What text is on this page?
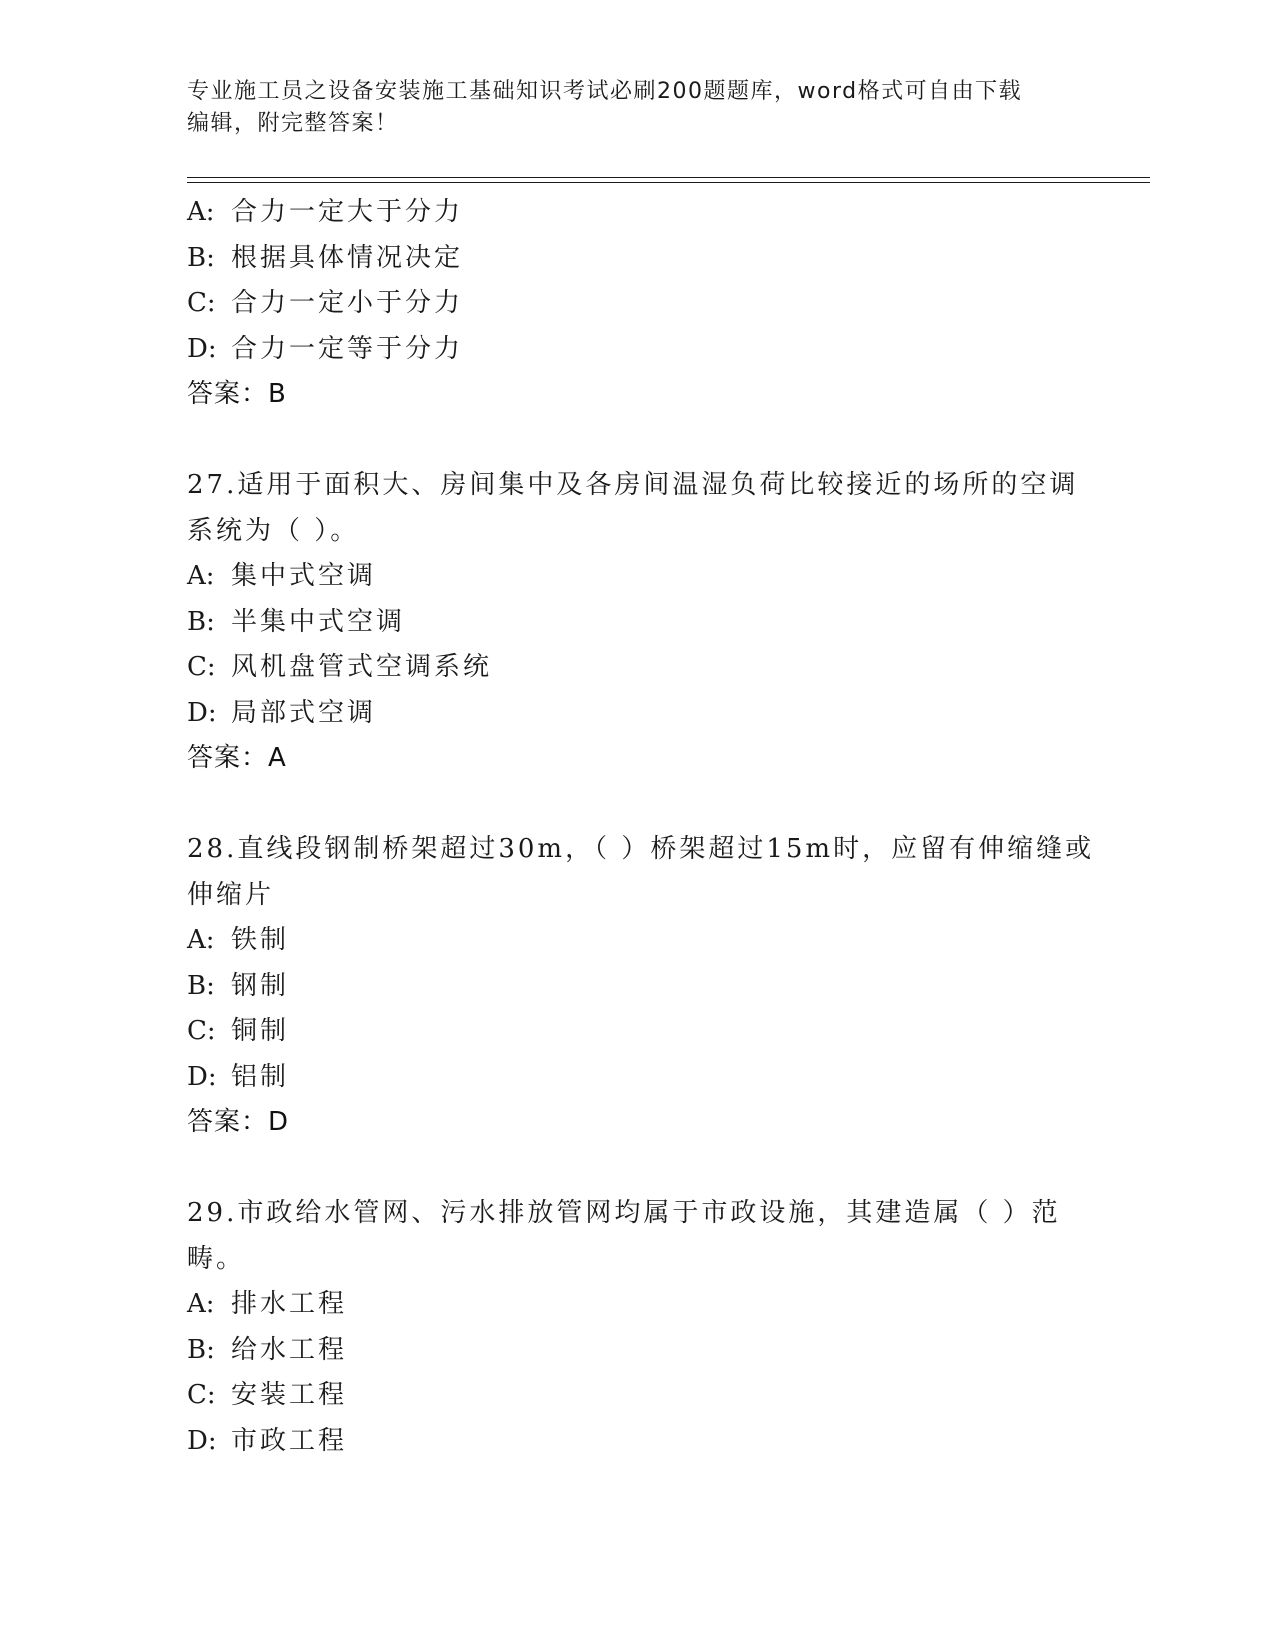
专业施工员之设备安装施工基础知识考试必刷200题题库，word格式可自由下载
编辑，附完整答案！
A: 合力一定大于分力
B: 根据具体情况决定
C: 合力一定小于分力
D: 合力一定等于分力
答案：B
27.适用于面积大、房间集中及各房间温湿负荷比较接近的场所的空调
系统为（ ）。
A: 集中式空调
B: 半集中式空调
C: 风机盘管式空调系统
D: 局部式空调
答案：A
28.直线段钢制桥架超过30m，（ ）桥架超过15m时，应留有伸缩缝或
伸缩片
A: 铁制
B: 钢制
C: 铜制
D: 铝制
答案：D
29.市政给水管网、污水排放管网均属于市政设施，其建造属（ ）范
畴。
A: 排水工程
B: 给水工程
C: 安装工程
D: 市政工程
